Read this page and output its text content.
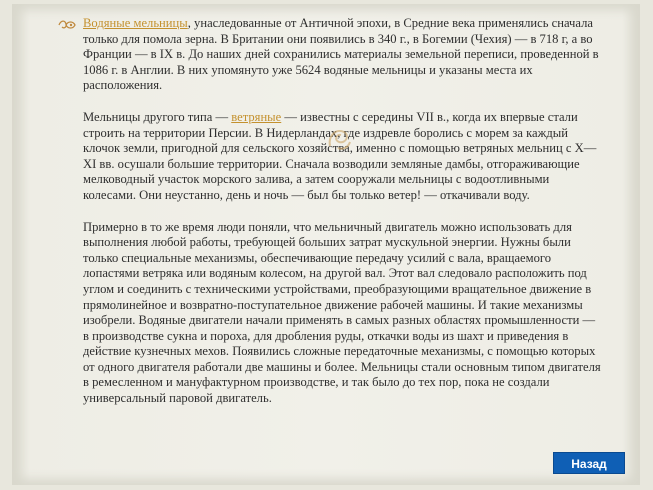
Водяные мельницы, унаследованные от Античной эпохи, в Средние века применялись сначала только для помола зерна. В Британии они появились в 340 г., в Богемии (Чехия) — в 718 г, а во Франции — в IX в. До наших дней сохранились материалы земельной переписи, проведенной в 1086 г. в Англии. В них упомянуто уже 5624 водяные мельницы и указаны места их расположения.

Мельницы другого типа — ветряные — известны с середины VII в., когда их впервые стали строить на территории Персии. В Нидерландах, где издревле боролись с морем за каждый клочок земли, пригодной для сельского хозяйства, именно с помощью ветряных мельниц с X—XI вв. осушали большие территории. Сначала возводили земляные дамбы, отгораживающие мелководный участок морского залива, а затем сооружали мельницы с водоотливными колесами. Они неустанно, день и ночь — был бы только ветер! — откачивали воду.

Примерно в то же время люди поняли, что мельничный двигатель можно использовать для выполнения любой работы, требующей больших затрат мускульной энергии. Нужны были только специальные механизмы, обеспечивающие передачу усилий с вала, вращаемого лопастями ветряка или водяным колесом, на другой вал. Этот вал следовало расположить под углом и соединить с техническими устройствами, преобразующими вращательное движение в прямолинейное и возвратно-поступательное движение рабочей машины. И такие механизмы изобрели. Водяные двигатели начали применять в самых разных областях промышленности — в производстве сукна и пороха, для дробления руды, откачки воды из шахт и приведения в действие кузнечных мехов. Появились сложные передаточные механизмы, с помощью которых от одного двигателя работали две машины и более. Мельницы стали основным типом двигателя в ремесленном и мануфактурном производстве, и так было до тех пор, пока не создали универсальный паровой двигатель.

Назад
